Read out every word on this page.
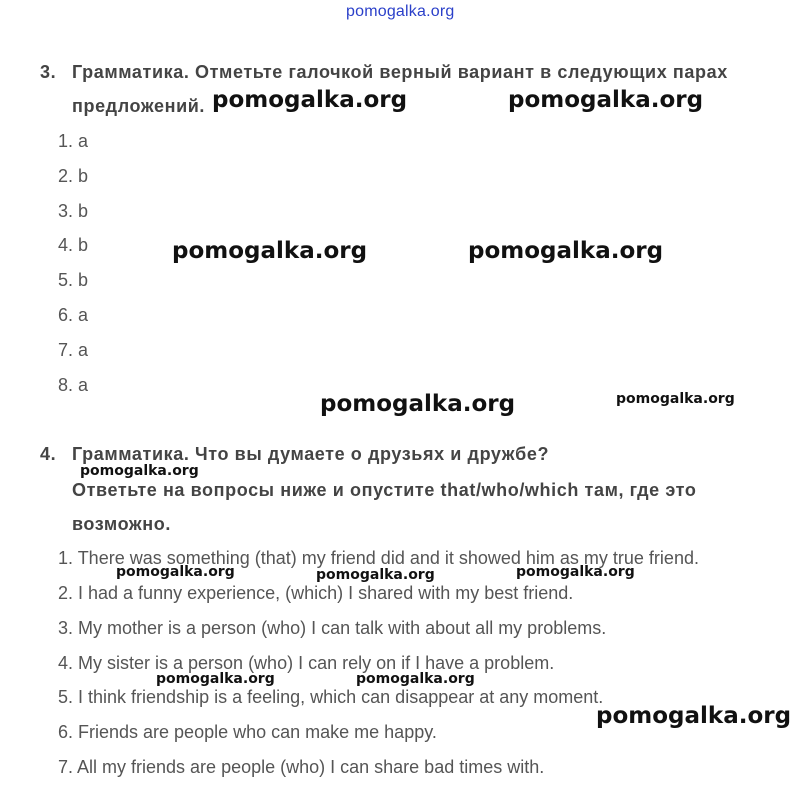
pomogalka.org
3. Грамматика. Отметьте галочкой верный вариант в следующих парах
предложений.
1. a
2. b
3. b
4. b
5. b
6. a
7. a
8. a
4. Грамматика. Что вы думаете о друзьях и дружбе?
Ответьте на вопросы ниже и опустите that/who/which там, где это
возможно.
1. There was something (that) my friend did and it showed him as my true friend.
2. I had a funny experience, (which) I shared with my best friend.
3. My mother is a person (who) I can talk with about all my problems.
4. My sister is a person (who) I can rely on if I have a problem.
5. I think friendship is a feeling, which can disappear at any moment.
6. Friends are people who can make me happy.
7. All my friends are people (who) I can share bad times with.
pomogalka.org	pomogalka.org
pomogalka.org	pomogalka.org
pomogalka.org	pomogalka.org
pomogalka.org
pomogalka.org	pomogalka.org	pomogalka.org
pomogalka.org	pomogalka.org
pomogalka.org
